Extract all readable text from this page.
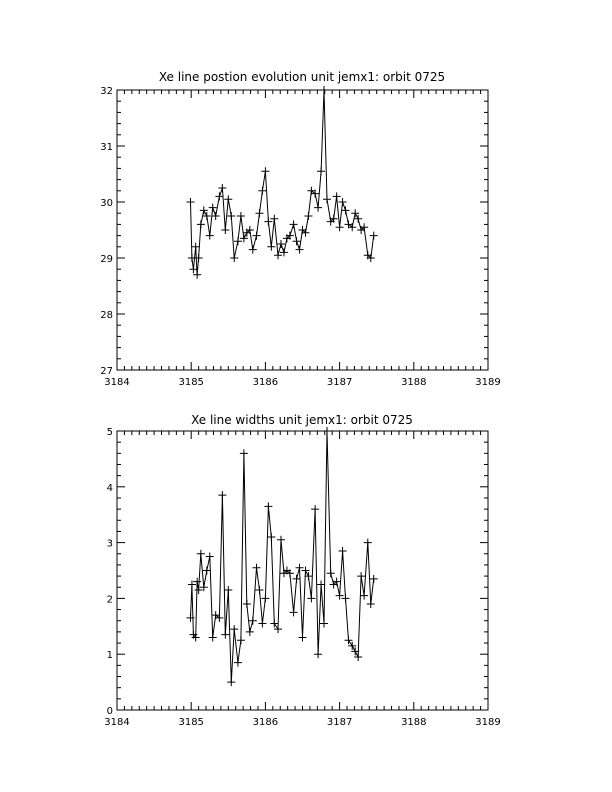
Xe line postion evolution unit jemx1: orbit 0725
Xe line widths unit jemx1: orbit 0725
3184	3185	3186	3187	3188	3189
27
28
29
30
31
32
3184	3185	3186	3187	3188	3189
0
1
2
3
4
5
